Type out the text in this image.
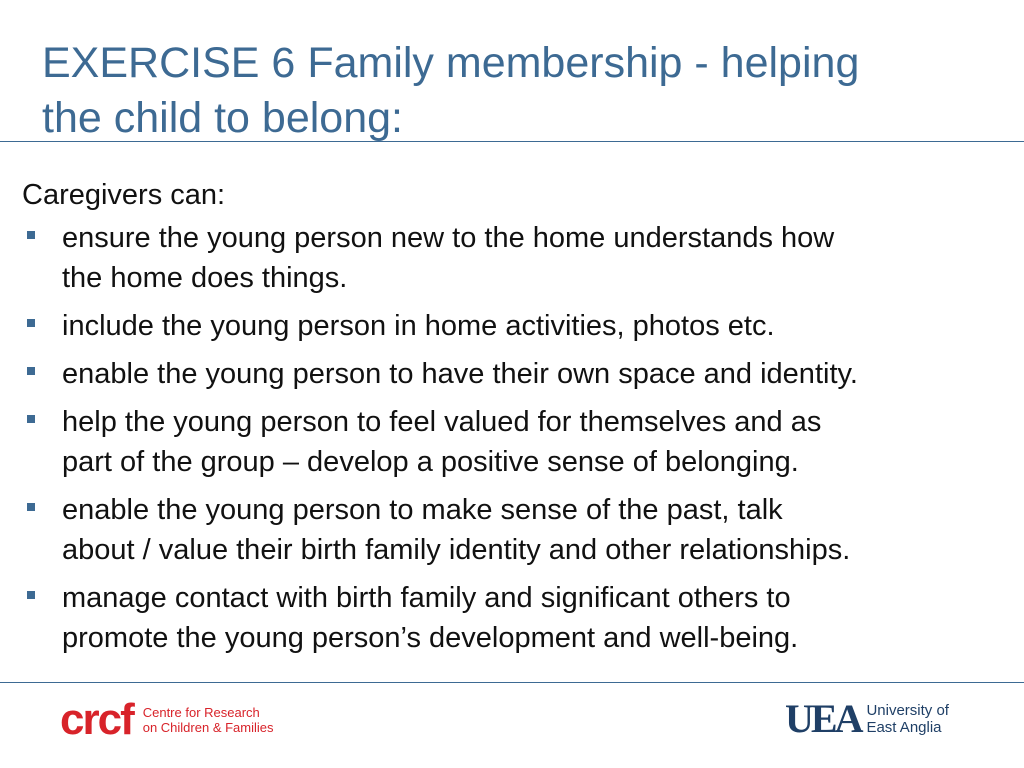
EXERCISE 6 Family membership - helping
the child to belong:

Caregivers can:

ensure the young person new to the home understands how
the home does things.
include the young person in home activities, photos etc.
enable the young person to have their own space and identity.
help the young person to feel valued for themselves and as
part of the group – develop a positive sense of belonging.
enable the young person to make sense of the past, talk
about / value their birth family identity and other relationships.
manage contact with birth family and significant others to
promote the young person’s development and well-being.
crcf Centre for Research
on Children & Families	UEA University of
East Anglia
